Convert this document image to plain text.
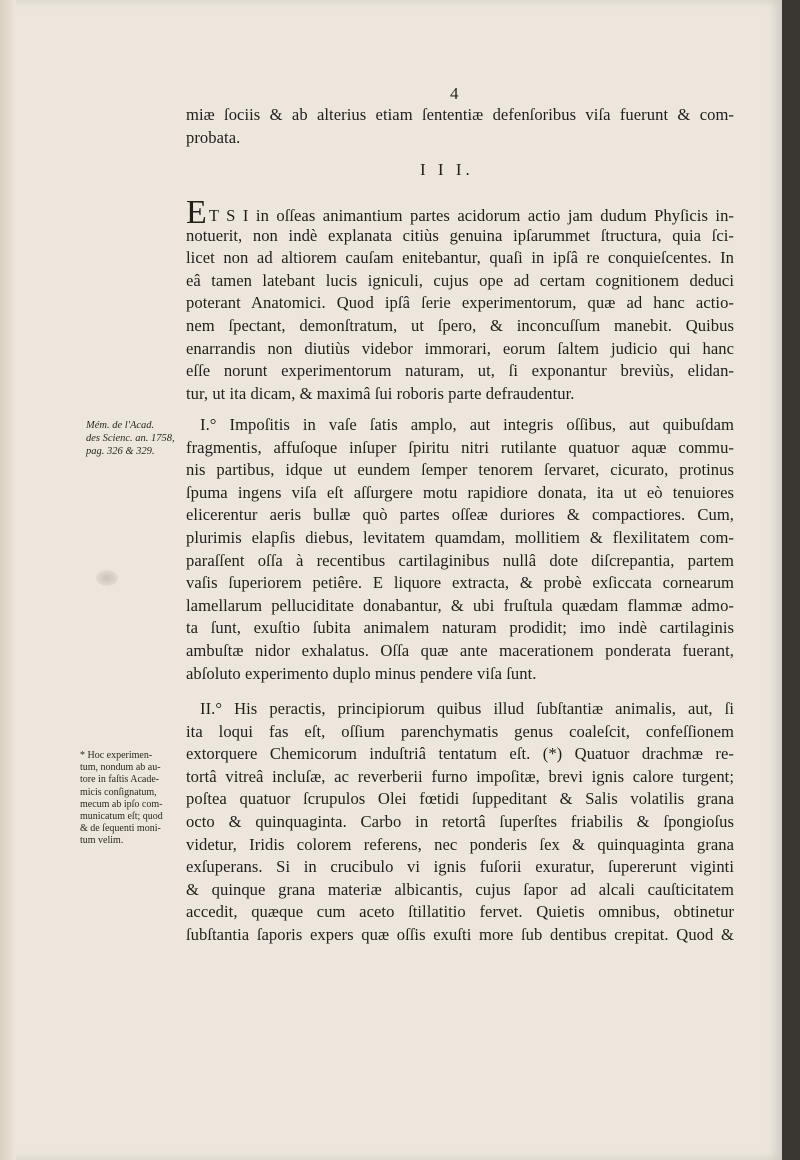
4
miæ ſociis & ab alterius etiam ſententiæ defenſoribus viſa fuerunt & com-
probata.
I I I.
E T S I in oſſeas animantium partes acidorum actio jam dudum Phyſicis in-
notuerit, non indè explanata citiùs genuina ipſarummet ſtructura, quia ſci-
licet non ad altiorem cauſam enitebantur, quaſi in ipſâ re conquieſcentes. In
eâ tamen latebant lucis igniculi, cujus ope ad certam cognitionem deduci
poterant Anatomici. Quod ipſâ ſerie experimentorum, quæ ad hanc actio-
nem ſpectant, demonſtratum, ut ſpero, & inconcuſſum manebit. Quibus
enarrandis non diutiùs videbor immorari, eorum ſaltem judicio qui hanc
eſſe norunt experimentorum naturam, ut, ſi exponantur breviùs, elidan-
tur, ut ita dicam, & maximâ ſui roboris parte defraudentur.
Mém. de l'Acad.
des Scienc. an. 1758,
pag. 326 & 329.
I.° Impoſitis in vaſe ſatis amplo, aut integris oſſibus, aut quibuſdam
fragmentis, affuſoque inſuper ſpiritu nitri rutilante quatuor aquæ commu-
nis partibus, idque ut eundem ſemper tenorem ſervaret, cicurato, protinus
ſpuma ingens viſa eſt aſſurgere motu rapidiore donata, ita ut eò tenuiores
elicerentur aeris bullæ quò partes oſſeæ duriores & compactiores. Cum,
plurimis elapſis diebus, levitatem quamdam, mollitiem & flexilitatem com-
paraſſent oſſa à recentibus cartilaginibus nullâ dote diſcrepantia, partem
vaſis ſuperiorem petiêre. E liquore extracta, & probè exſiccata cornearum
lamellarum pelluciditate donabantur, & ubi fruſtula quædam flammæ admo-
ta ſunt, exuſtio ſubita animalem naturam prodidit; imo indè cartilaginis
ambuſtæ nidor exhalatus. Oſſa quæ ante macerationem ponderata fuerant,
abſoluto experimento duplo minus pendere viſa ſunt.
II.° His peractis, principiorum quibus illud ſubſtantiæ animalis, aut, ſi
ita loqui fas eſt, oſſium parenchymatis genus coaleſcit, confeſſionem
extorquere Chemicorum induſtriâ tentatum eſt. (*) Quatuor drachmæ re-
tortâ vitreâ incluſæ, ac reverberii furno impoſitæ, brevi ignis calore turgent;
poſtea quatuor ſcrupulos Olei fœtidi ſuppeditant & Salis volatilis grana
octo & quinquaginta. Carbo in retortâ ſuperſtes friabilis & ſpongioſus
videtur, Iridis colorem referens, nec ponderis ſex & quinquaginta grana
exſuperans. Si in crucibulo vi ignis fuſorii exuratur, ſupererunt viginti
& quinque grana materiæ albicantis, cujus ſapor ad alcali cauſticitatem
accedit, quæque cum aceto ſtillatitio fervet. Quietis omnibus, obtinetur
ſubſtantia ſaporis expers quæ oſſis exuſti more ſub dentibus crepitat. Quod &
* Hoc experimen-
tum, nondum ab au-
tore in faſtis Acade-
micis conſignatum,
mecum ab ipſo com-
municatum eſt; quod
& de ſequenti moni-
tum velim.
